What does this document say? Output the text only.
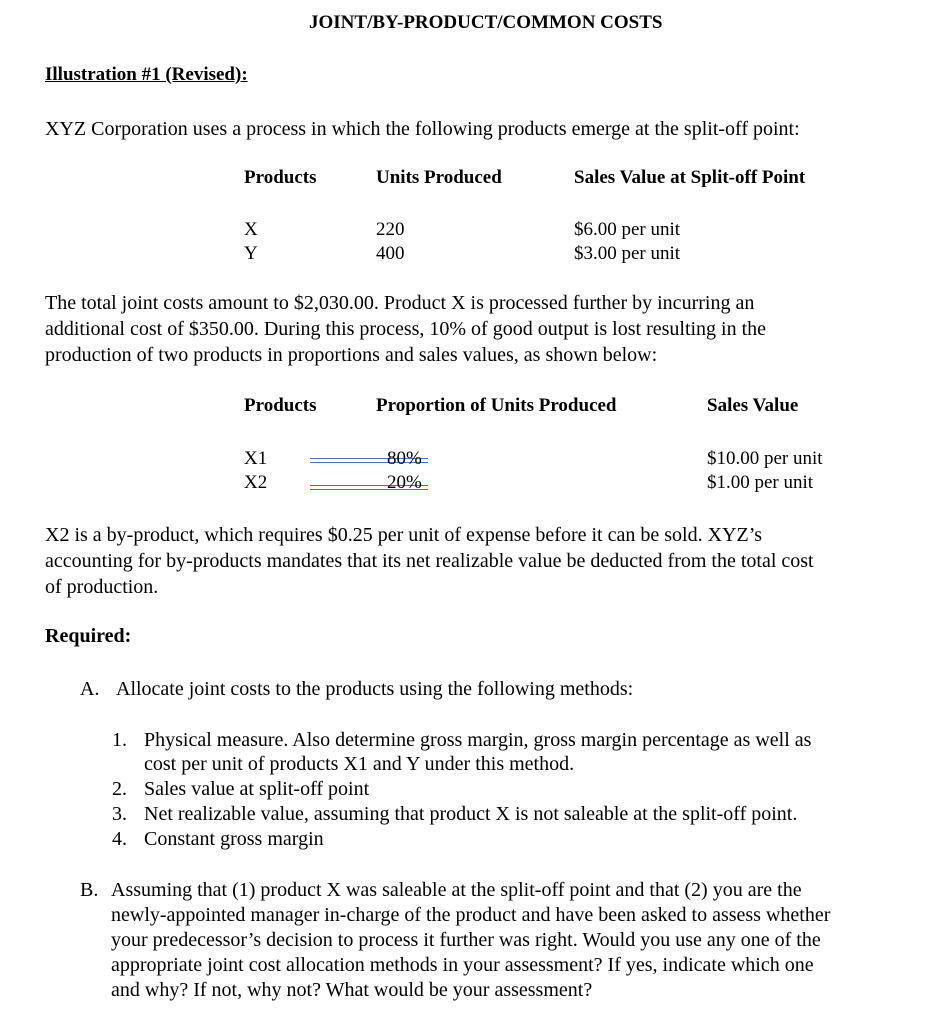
JOINT/BY-PRODUCT/COMMON COSTS
Illustration #1 (Revised):
XYZ Corporation uses a process in which the following products emerge at the split-off point:
Products	Units Produced	Sales Value at Split-off Point
X	220	$6.00 per unit
Y	400	$3.00 per unit
The total joint costs amount to $2,030.00. Product X is processed further by incurring an
additional cost of $350.00. During this process, 10% of good output is lost resulting in the
production of two products in proportions and sales values, as shown below:
Products	Proportion of Units Produced	Sales Value
X1	80%	$10.00 per unit
X2	20%	$1.00 per unit
X2 is a by-product, which requires $0.25 per unit of expense before it can be sold. XYZ’s
accounting for by-products mandates that its net realizable value be deducted from the total cost
of production.
Required:
A. Allocate joint costs to the products using the following methods:
1. Physical measure. Also determine gross margin, gross margin percentage as well as
cost per unit of products X1 and Y under this method.
2. Sales value at split-off point
3. Net realizable value, assuming that product X is not saleable at the split-off point.
4. Constant gross margin
B. Assuming that (1) product X was saleable at the split-off point and that (2) you are the
newly-appointed manager in-charge of the product and have been asked to assess whether
your predecessor’s decision to process it further was right. Would you use any one of the
appropriate joint cost allocation methods in your assessment? If yes, indicate which one
and why? If not, why not? What would be your assessment?
